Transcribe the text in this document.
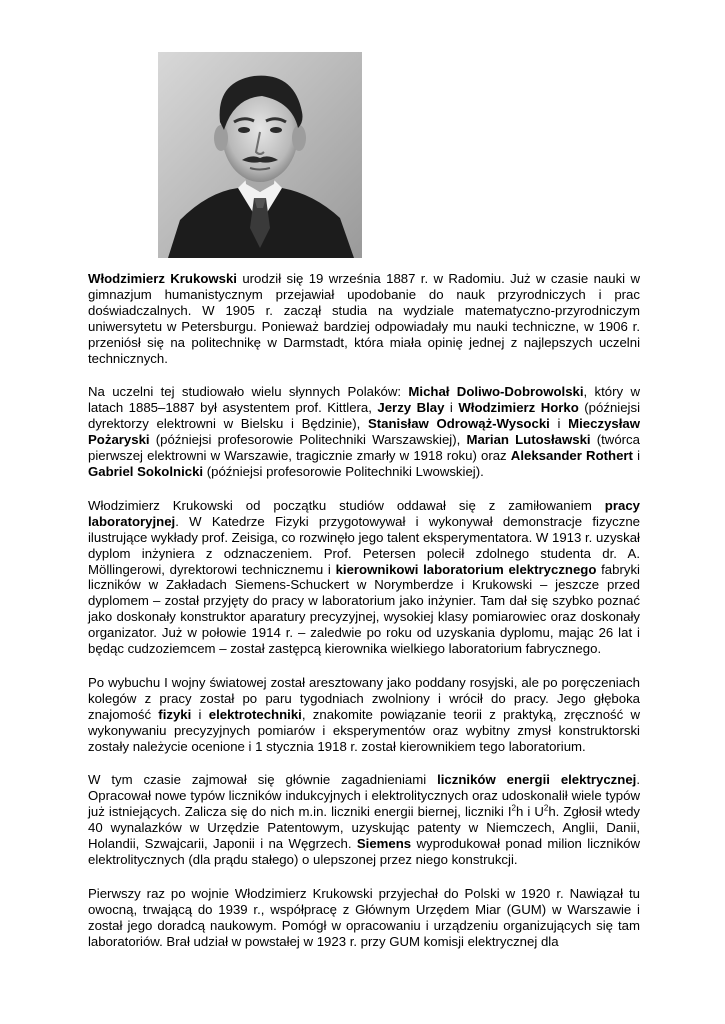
Włodzimierz Krukowski urodził się 19 września 1887 r. w Radomiu. Już w czasie nauki w gimnazjum humanistycznym przejawiał upodobanie do nauk przyrodniczych i prac doświadczalnych. W 1905 r. zaczął studia na wydziale matematyczno-przyrodniczym uniwersytetu w Petersburgu. Ponieważ bardziej odpowiadały mu nauki techniczne, w 1906 r. przeniósł się na politechnikę w Darmstadt, która miała opinię jednej z najlepszych uczelni technicznych.

Na uczelni tej studiowało wielu słynnych Polaków: Michał Doliwo-Dobrowolski, który w latach 1885–1887 był asystentem prof. Kittlera, Jerzy Blay i Włodzimierz Horko (późniejsi dyrektorzy elektrowni w Bielsku i Będzinie), Stanisław Odrowąż-Wysocki i Mieczysław Pożaryski (późniejsi profesorowie Politechniki Warszawskiej), Marian Lutosławski (twórca pierwszej elektrowni w Warszawie, tragicznie zmarły w 1918 roku) oraz Aleksander Rothert i Gabriel Sokolnicki (późniejsi profesorowie Politechniki Lwowskiej).

Włodzimierz Krukowski od początku studiów oddawał się z zamiłowaniem pracy laboratoryjnej. W Katedrze Fizyki przygotowywał i wykonywał demonstracje fizyczne ilustrujące wykłady prof. Zeisiga, co rozwinęło jego talent eksperymentatora. W 1913 r. uzyskał dyplom inżyniera z odznaczeniem. Prof. Petersen polecił zdolnego studenta dr. A. Möllingerowi, dyrektorowi technicznemu i kierownikowi laboratorium elektrycznego fabryki liczników w Zakładach Siemens-Schuckert w Norymberdze i Krukowski – jeszcze przed dyplomem – został przyjęty do pracy w laboratorium jako inżynier. Tam dał się szybko poznać jako doskonały konstruktor aparatury precyzyjnej, wysokiej klasy pomiarowiec oraz doskonały organizator. Już w połowie 1914 r. – zaledwie po roku od uzyskania dyplomu, mając 26 lat i będąc cudzoziemcem – został zastępcą kierownika wielkiego laboratorium fabrycznego.

Po wybuchu I wojny światowej został aresztowany jako poddany rosyjski, ale po poręczeniach kolegów z pracy został po paru tygodniach zwolniony i wrócił do pracy. Jego głęboka znajomość fizyki i elektrotechniki, znakomite powiązanie teorii z praktyką, zręczność w wykonywaniu precyzyjnych pomiarów i eksperymentów oraz wybitny zmysł konstruktorski zostały należycie ocenione i 1 stycznia 1918 r. został kierownikiem tego laboratorium.

W tym czasie zajmował się głównie zagadnieniami liczników energii elektrycznej. Opracował nowe typów liczników indukcyjnych i elektrolitycznych oraz udoskonalił wiele typów już istniejących. Zalicza się do nich m.in. liczniki energii biernej, liczniki $I^2h$ i $U^2h$. Zgłosił wtedy 40 wynalazków w Urzędzie Patentowym, uzyskując patenty w Niemczech, Anglii, Danii, Holandii, Szwajcarii, Japonii i na Węgrzech. Siemens wyprodukował ponad milion liczników elektrolitycznych (dla prądu stałego) o ulepszonej przez niego konstrukcji.

Pierwszy raz po wojnie Włodzimierz Krukowski przyjechał do Polski w 1920 r. Nawiązał tu owocną, trwającą do 1939 r., współpracę z Głównym Urzędem Miar (GUM) w Warszawie i został jego doradcą naukowym. Pomógł w opracowaniu i urządzeniu organizujących się tam laboratoriów. Brał udział w powstałej w 1923 r. przy GUM komisji elektrycznej dla
